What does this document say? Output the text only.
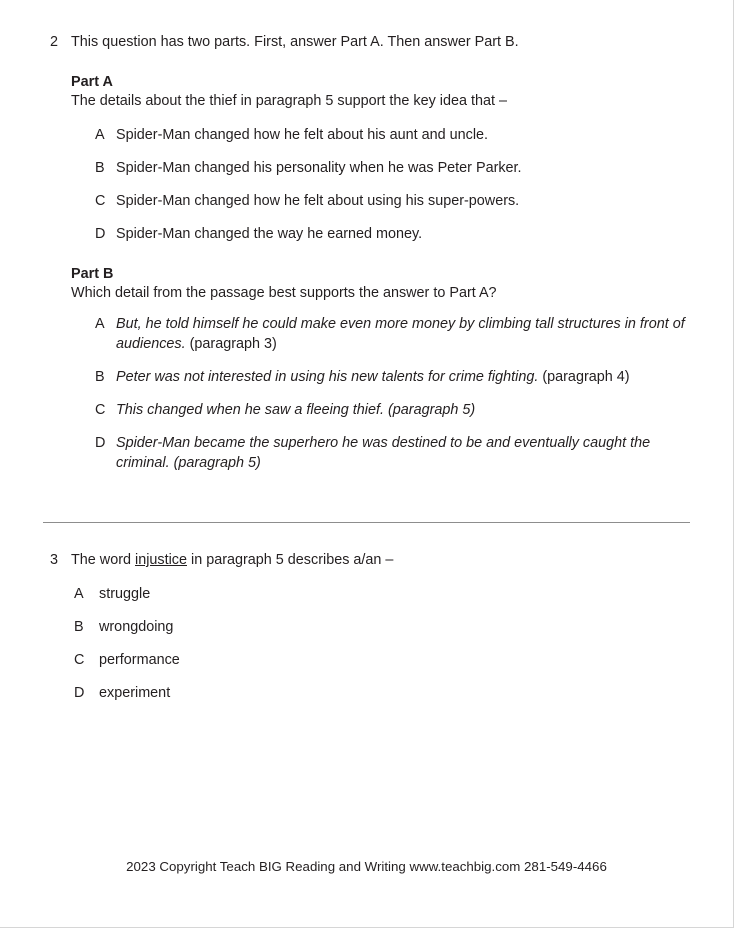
2 This question has two parts. First, answer Part A. Then answer Part B.
Part A
The details about the thief in paragraph 5 support the key idea that –
A Spider-Man changed how he felt about his aunt and uncle.
B Spider-Man changed his personality when he was Peter Parker.
C Spider-Man changed how he felt about using his super-powers.
D Spider-Man changed the way he earned money.
Part B
Which detail from the passage best supports the answer to Part A?
A But, he told himself he could make even more money by climbing tall structures in front of audiences. (paragraph 3)
B Peter was not interested in using his new talents for crime fighting. (paragraph 4)
C This changed when he saw a fleeing thief. (paragraph 5)
D Spider-Man became the superhero he was destined to be and eventually caught the criminal. (paragraph 5)
3 The word injustice in paragraph 5 describes a/an –
A	struggle
B	wrongdoing
C	performance
D	experiment
2023 Copyright Teach BIG Reading and Writing www.teachbig.com 281-549-4466
